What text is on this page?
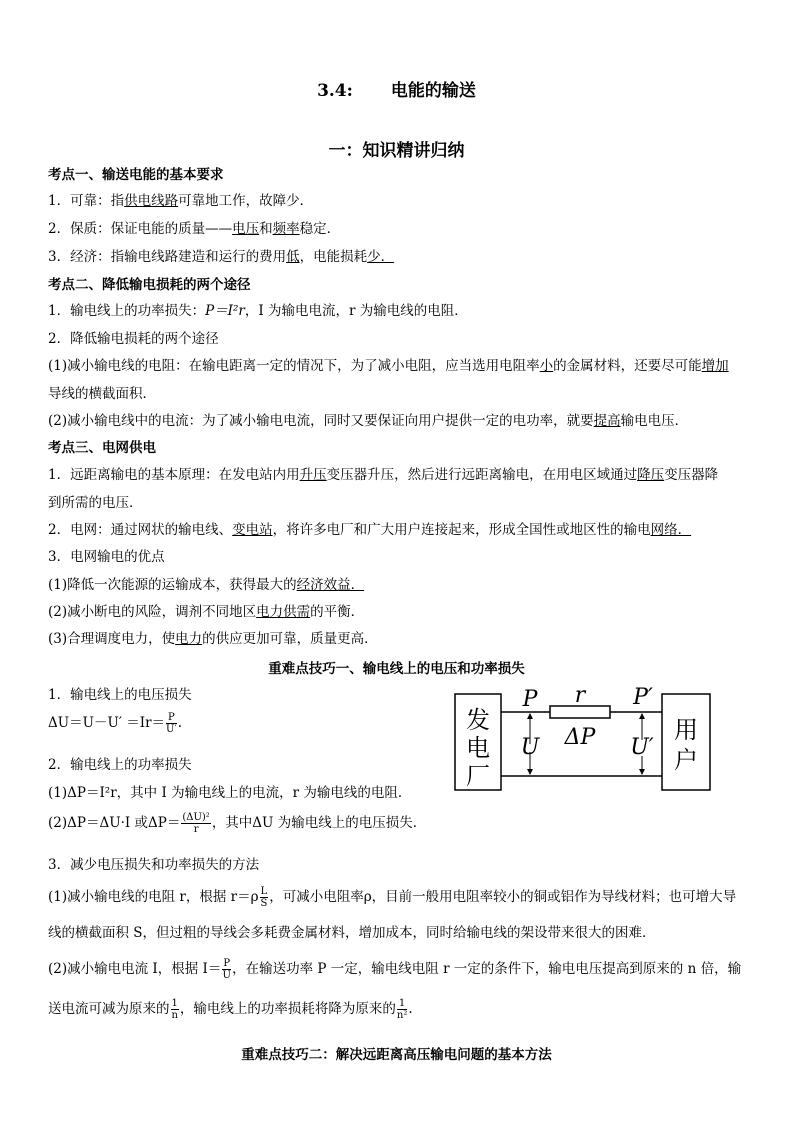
3.4: 电能的输送
一：知识精讲归纳
考点一、输送电能的基本要求
1．可靠：指供电线路可靠地工作，故障少．
2．保质：保证电能的质量——电压和频率稳定．
3．经济：指输电线路建造和运行的费用低，电能损耗少．
考点二、降低输电损耗的两个途径
1．输电线上的功率损失：P＝I²r，I 为输电电流，r 为输电线的电阻．
2．降低输电损耗的两个途径
(1)减小输电线的电阻：在输电距离一定的情况下，为了减小电阻，应当选用电阻率小的金属材料，还要尽可能增加
导线的横截面积．
(2)减小输电线中的电流：为了减小输电电流，同时又要保证向用户提供一定的电功率，就要提高输电电压．
考点三、电网供电
1．远距离输电的基本原理：在发电站内用升压变压器升压，然后进行远距离输电，在用电区域通过降压变压器降
到所需的电压．
2．电网：通过网状的输电线、变电站，将许多电厂和广大用户连接起来，形成全国性或地区性的输电网络．
3．电网输电的优点
(1)降低一次能源的运输成本，获得最大的经济效益．
(2)减小断电的风险，调剂不同地区电力供需的平衡．
(3)合理调度电力，使电力的供应更加可靠，质量更高．
重难点技巧一、输电线上的电压和功率损失
1．输电线上的电压损失
$\Delta U=U-U' =Ir= \frac{P}{U'}$ .
2．输电线上的功率损失
(1)ΔP＝I²r，其中 I 为输电线上的电流，r 为输电线的电阻．
(2)ΔP＝ΔU·I 或$\Delta P= \frac{\text{(ΔU)²}}{r}$ ，其中ΔU 为输电线上的电压损失．
3．减少电压损失和功率损失的方法
(1)减小输电线的电阻 r，根据 $r=\rho \frac{L}{S}$ ，可减小电阻率ρ，目前一般用电阻率较小的铜或铝作为导线材料；也可增大导
线的横截面积 S，但过粗的导线会多耗费金属材料，增加成本，同时给输电线的架设带来很大的困难．
(2)减小输电电流 I，根据 $I= \frac{P}{U}$ ，在输送功率 P 一定，输电线电阻 r 一定的条件下，输电电压提高到原来的 n 倍，输
送电流可减为原来的 $\frac{1}{n}$ ，输电线上的功率损耗将降为原来的 $\frac{1}{\text{n²}}$ .
重难点技巧二：解决远距离高压输电问题的基本方法
发
电
厂
用
户
P r P′
ΔP
U	U′
